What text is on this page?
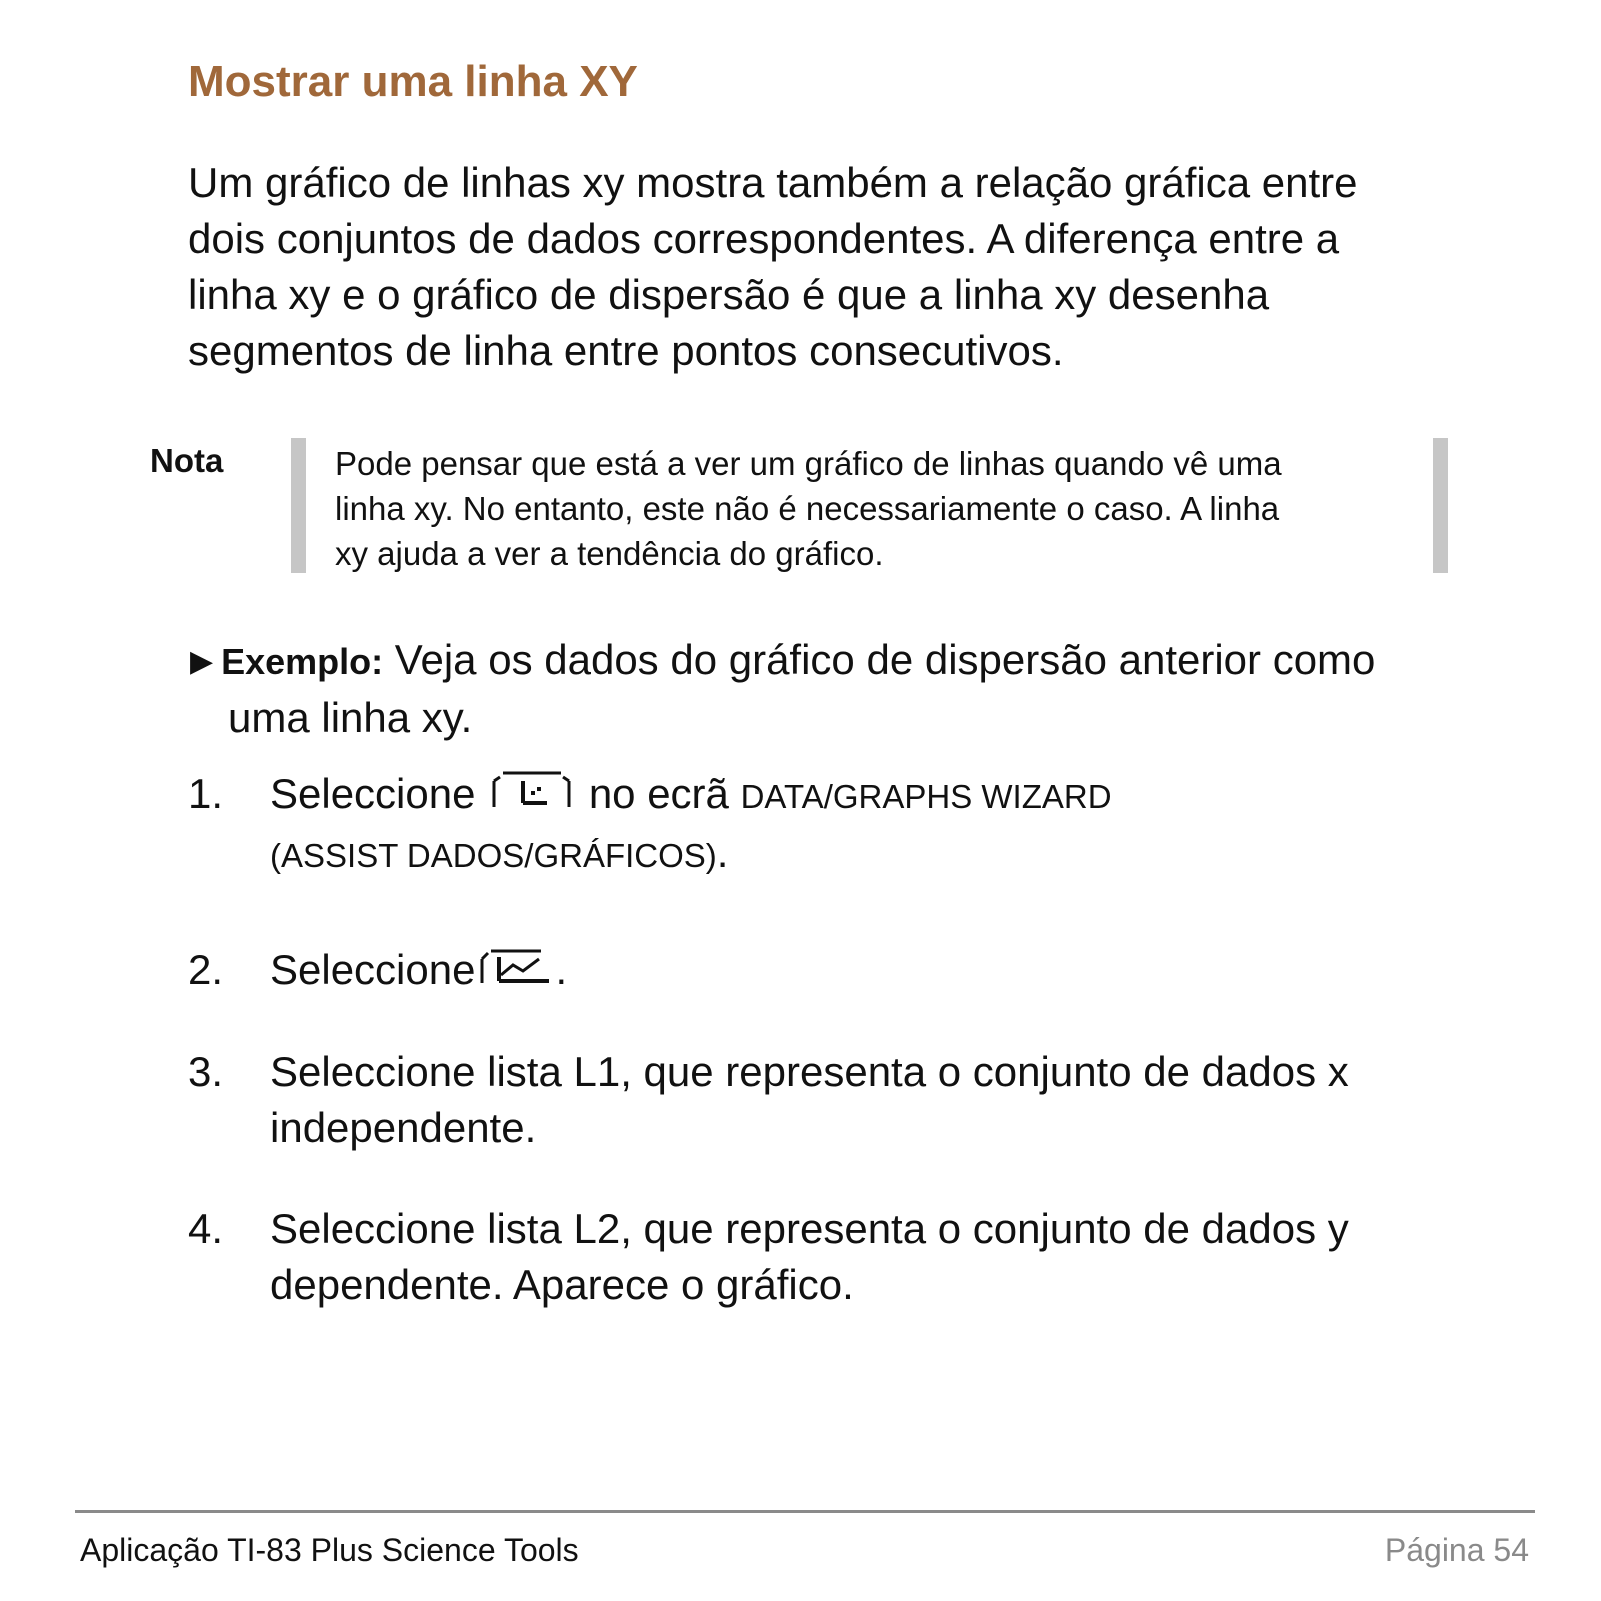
Mostrar uma linha XY
Um gráfico de linhas xy mostra também a relação gráfica entre
dois conjuntos de dados correspondentes. A diferença entre a
linha xy e o gráfico de dispersão é que a linha xy desenha
segmentos de linha entre pontos consecutivos.
Nota	Pode pensar que está a ver um gráfico de linhas quando vê uma
linha xy. No entanto, este não é necessariamente o caso. A linha
xy ajuda a ver a tendência do gráfico.
▶ Exemplo: Veja os dados do gráfico de dispersão anterior como
uma linha xy.
1. Seleccione	no ecrã DATA/GRAPHS WIZARD
(ASSIST DADOS/GRÁFICOS).
2. Seleccione .
3. Seleccione lista L1, que representa o conjunto de dados x
independente.
4. Seleccione lista L2, que representa o conjunto de dados y
dependente. Aparece o gráfico.
Aplicação TI-83 Plus Science Tools	Página 54
